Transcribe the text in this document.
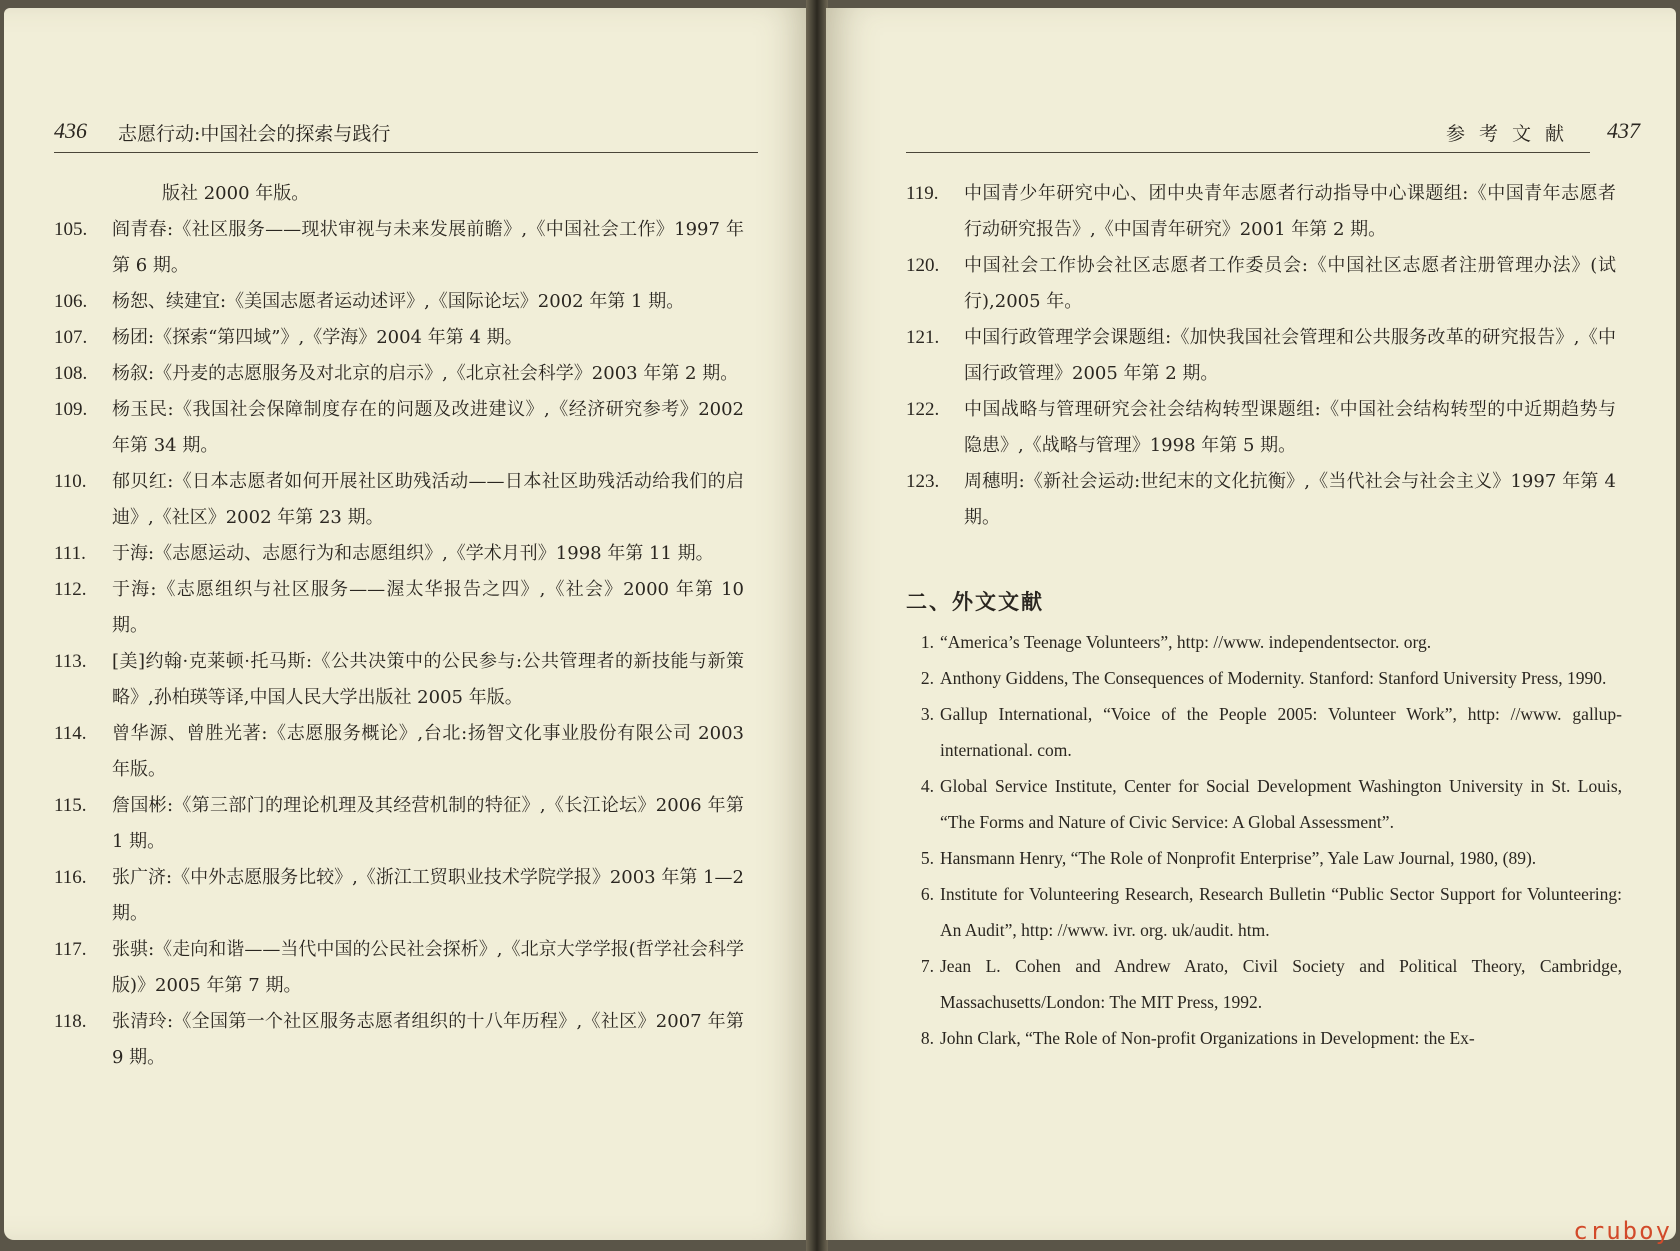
436 志愿行动:中国社会的探索与践行
版社 2000 年版。
105. 阎青春:《社区服务——现状审视与未来发展前瞻》,《中国社会工作》1997 年第 6 期。
106. 杨恕、续建宜:《美国志愿者运动述评》,《国际论坛》2002 年第 1 期。
107. 杨团:《探索“第四域”》,《学海》2004 年第 4 期。
108. 杨叙:《丹麦的志愿服务及对北京的启示》,《北京社会科学》2003 年第 2 期。
109. 杨玉民:《我国社会保障制度存在的问题及改进建议》,《经济研究参考》2002 年第 34 期。
110. 郁贝红:《日本志愿者如何开展社区助残活动——日本社区助残活动给我们的启迪》,《社区》2002 年第 23 期。
111. 于海:《志愿运动、志愿行为和志愿组织》,《学术月刊》1998 年第 11 期。
112. 于海:《志愿组织与社区服务——渥太华报告之四》,《社会》2000 年第 10 期。
113. [美]约翰·克莱顿·托马斯:《公共决策中的公民参与:公共管理者的新技能与新策略》,孙柏瑛等译,中国人民大学出版社 2005 年版。
114. 曾华源、曾胜光著:《志愿服务概论》,台北:扬智文化事业股份有限公司 2003 年版。
115. 詹国彬:《第三部门的理论机理及其经营机制的特征》,《长江论坛》2006 年第 1 期。
116. 张广济:《中外志愿服务比较》,《浙江工贸职业技术学院学报》2003 年第 1—2 期。
117. 张骐:《走向和谐——当代中国的公民社会探析》,《北京大学学报(哲学社会科学版)》2005 年第 7 期。
118. 张清玲:《全国第一个社区服务志愿者组织的十八年历程》,《社区》2007 年第 9 期。
参考文献 437
119. 中国青少年研究中心、团中央青年志愿者行动指导中心课题组:《中国青年志愿者行动研究报告》,《中国青年研究》2001 年第 2 期。
120. 中国社会工作协会社区志愿者工作委员会:《中国社区志愿者注册管理办法》(试行),2005 年。
121. 中国行政管理学会课题组:《加快我国社会管理和公共服务改革的研究报告》,《中国行政管理》2005 年第 2 期。
122. 中国战略与管理研究会社会结构转型课题组:《中国社会结构转型的中近期趋势与隐患》,《战略与管理》1998 年第 5 期。
123. 周穗明:《新社会运动:世纪末的文化抗衡》,《当代社会与社会主义》1997 年第 4 期。
二、外文文献
1. “America’s Teenage Volunteers”, http: //www. independentsector. org.
2. Anthony Giddens, The Consequences of Modernity. Stanford: Stanford University Press, 1990.
3. Gallup International, “Voice of the People 2005: Volunteer Work”, http: //www. gallup-international. com.
4. Global Service Institute, Center for Social Development Washington University in St. Louis, “The Forms and Nature of Civic Service: A Global Assessment”.
5. Hansmann Henry, “The Role of Nonprofit Enterprise”, Yale Law Journal, 1980, (89).
6. Institute for Volunteering Research, Research Bulletin “Public Sector Support for Volunteering: An Audit”, http: //www. ivr. org. uk/audit. htm.
7. Jean L. Cohen and Andrew Arato, Civil Society and Political Theory, Cambridge, Massachusetts/London: The MIT Press, 1992.
8. John Clark, “The Role of Non-profit Organizations in Development: the Ex-
cruboy
